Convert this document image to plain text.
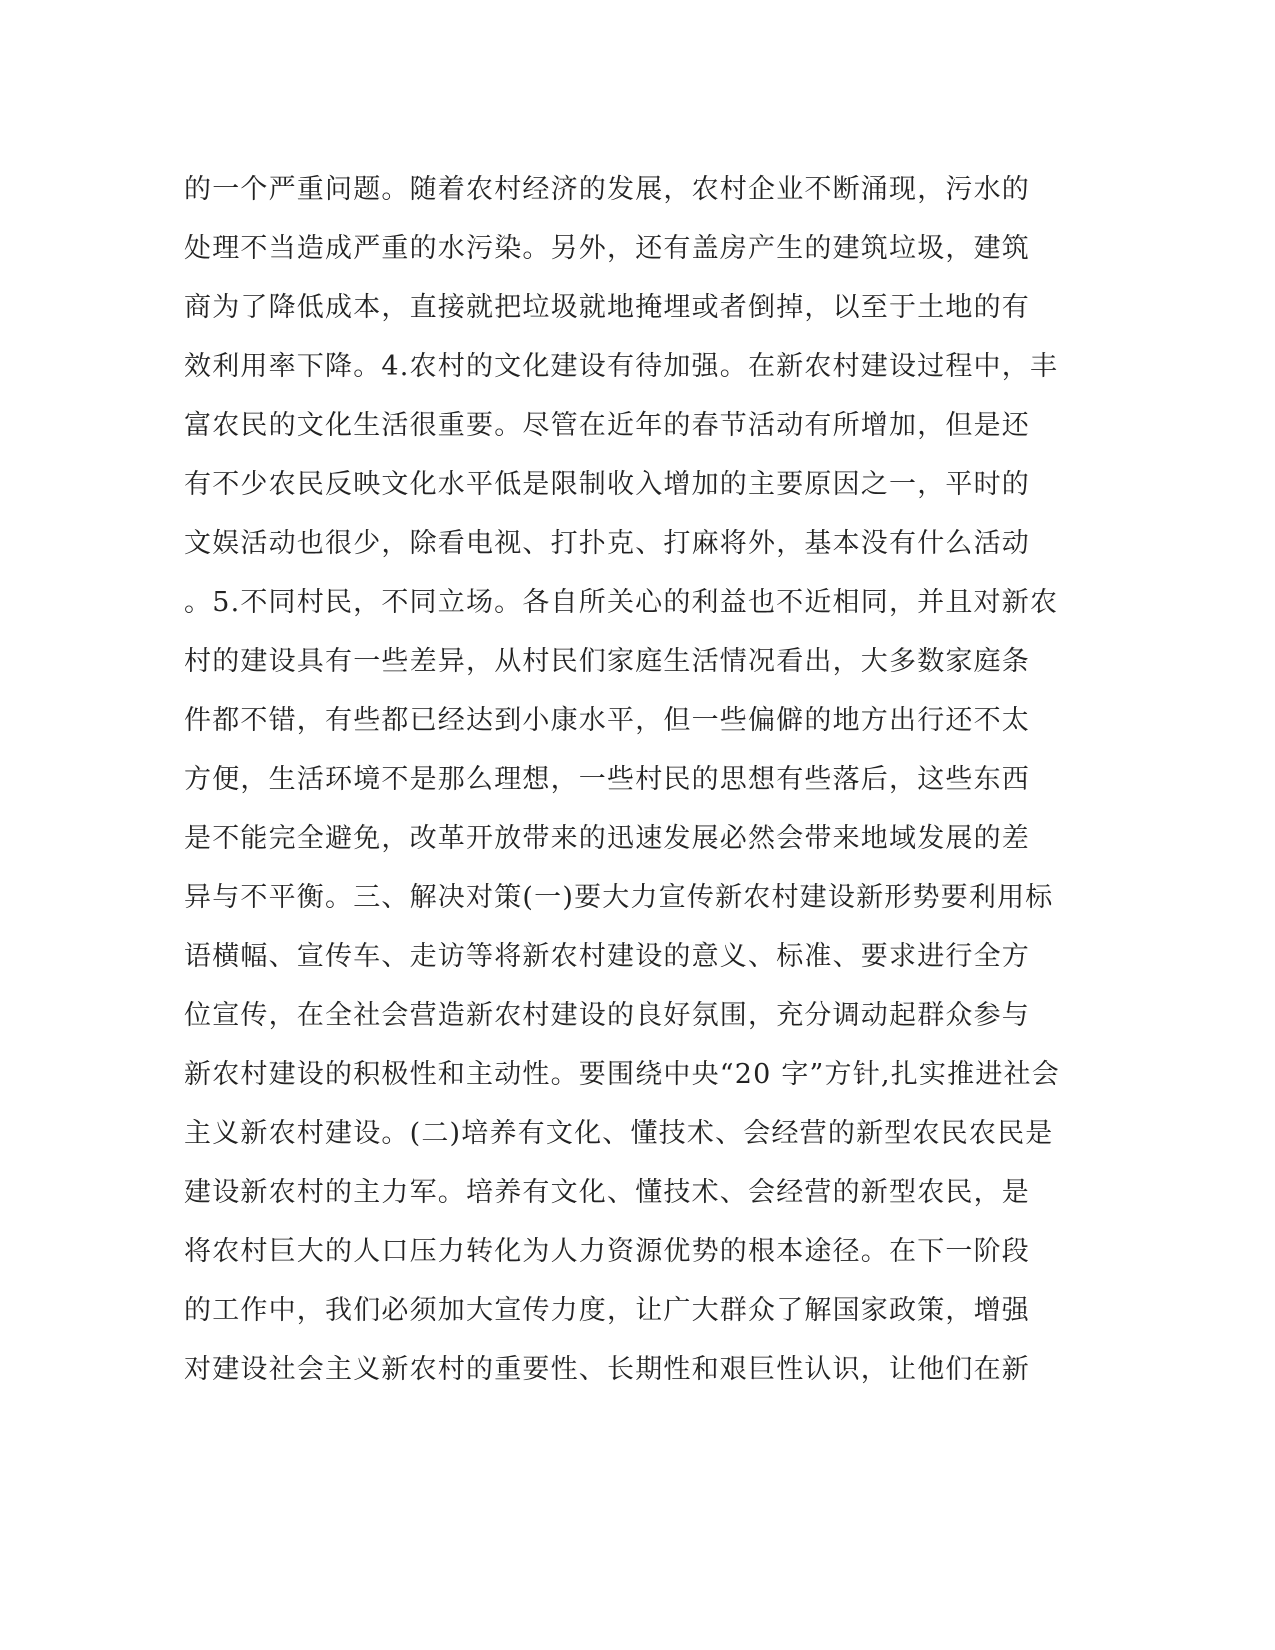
的一个严重问题。随着农村经济的发展，农村企业不断涌现，污水的
处理不当造成严重的水污染。另外，还有盖房产生的建筑垃圾，建筑
商为了降低成本，直接就把垃圾就地掩埋或者倒掉，以至于土地的有
效利用率下降。4.农村的文化建设有待加强。在新农村建设过程中，丰
富农民的文化生活很重要。尽管在近年的春节活动有所增加，但是还
有不少农民反映文化水平低是限制收入增加的主要原因之一，平时的
文娱活动也很少，除看电视、打扑克、打麻将外，基本没有什么活动
。5.不同村民，不同立场。各自所关心的利益也不近相同，并且对新农
村的建设具有一些差异，从村民们家庭生活情况看出，大多数家庭条
件都不错，有些都已经达到小康水平，但一些偏僻的地方出行还不太
方便，生活环境不是那么理想，一些村民的思想有些落后，这些东西
是不能完全避免，改革开放带来的迅速发展必然会带来地域发展的差
异与不平衡。三、解决对策(一)要大力宣传新农村建设新形势要利用标
语横幅、宣传车、走访等将新农村建设的意义、标准、要求进行全方
位宣传，在全社会营造新农村建设的良好氛围，充分调动起群众参与
新农村建设的积极性和主动性。要围绕中央“20 字”方针,扎实推进社会
主义新农村建设。(二)培养有文化、懂技术、会经营的新型农民农民是
建设新农村的主力军。培养有文化、懂技术、会经营的新型农民，是
将农村巨大的人口压力转化为人力资源优势的根本途径。在下一阶段
的工作中，我们必须加大宣传力度，让广大群众了解国家政策，增强
对建设社会主义新农村的重要性、长期性和艰巨性认识，让他们在新
